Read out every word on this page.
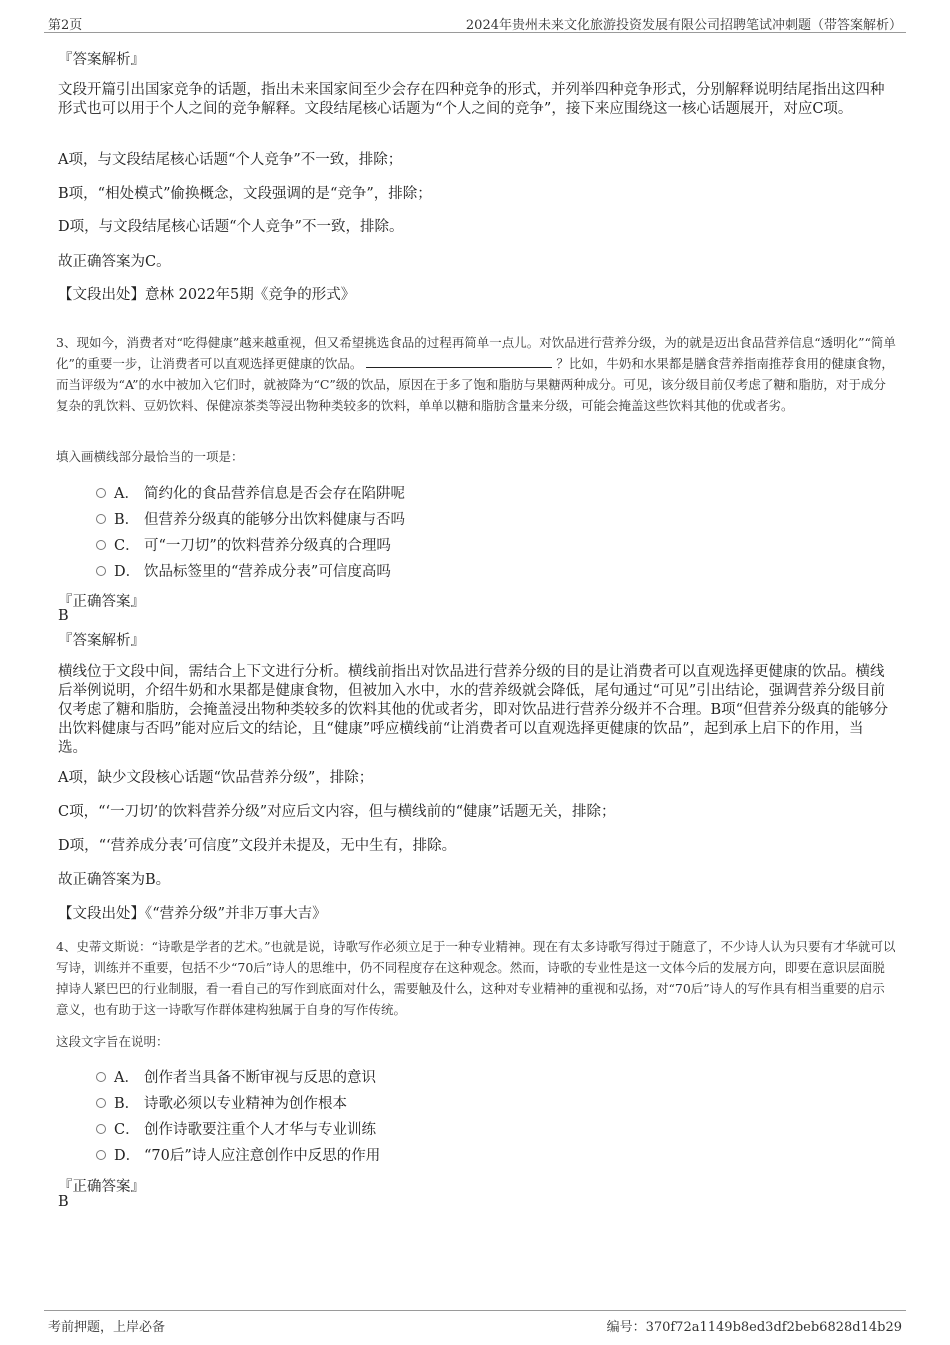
第2页	2024年贵州未来文化旅游投资发展有限公司招聘笔试冲刺题（带答案解析）
『答案解析』
文段开篇引出国家竞争的话题，指出未来国家间至少会存在四种竞争的形式，并列举四种竞争形式，分别解释说明结尾指出这四种形式也可以用于个人之间的竞争解释。文段结尾核心话题为“个人之间的竞争”，接下来应围绕这一核心话题展开，对应C项。
A项，与文段结尾核心话题“个人竞争”不一致，排除；
B项，“相处模式”偷换概念，文段强调的是“竞争”，排除；
D项，与文段结尾核心话题“个人竞争”不一致，排除。
故正确答案为C。
【文段出处】意林 2022年5期《竞争的形式》
3、现如今，消费者对“吃得健康”越来越重视，但又希望挑选食品的过程再简单一点儿。对饮品进行营养分级，为的就是迈出食品营养信息“透明化”“简单化”的重要一步，让消费者可以直观选择更健康的饮品。	？比如，牛奶和水果都是膳食营养指南推荐食用的健康食物，而当评级为“A”的水中被加入它们时，就被降为“C”级的饮品，原因在于多了饱和脂肪与果糖两种成分。可见，该分级目前仅考虑了糖和脂肪，对于成分复杂的乳饮料、豆奶饮料、保健凉茶类等浸出物种类较多的饮料，单单以糖和脂肪含量来分级，可能会掩盖这些饮料其他的优或者劣。
填入画横线部分最恰当的一项是：
A． 简约化的食品营养信息是否会存在陷阱呢
B． 但营养分级真的能够分出饮料健康与否吗
C． 可“一刀切”的饮料营养分级真的合理吗
D． 饮品标签里的“营养成分表”可信度高吗
『正确答案』
B
『答案解析』
横线位于文段中间，需结合上下文进行分析。横线前指出对饮品进行营养分级的目的是让消费者可以直观选择更健康的饮品。横线后举例说明，介绍牛奶和水果都是健康食物，但被加入水中，水的营养级就会降低，尾句通过“可见”引出结论，强调营养分级目前仅考虑了糖和脂肪，会掩盖浸出物种类较多的饮料其他的优或者劣，即对饮品进行营养分级并不合理。B项“但营养分级真的能够分出饮料健康与否吗”能对应后文的结论，且“健康”呼应横线前“让消费者可以直观选择更健康的饮品”，起到承上启下的作用，当选。
A项，缺少文段核心话题“饮品营养分级”，排除；
C项，“‘一刀切’的饮料营养分级”对应后文内容，但与横线前的“健康”话题无关，排除；
D项，“‘营养成分表’可信度”文段并未提及，无中生有，排除。
故正确答案为B。
【文段出处】《“营养分级”并非万事大吉》
4、史蒂文斯说：“诗歌是学者的艺术。”也就是说，诗歌写作必须立足于一种专业精神。现在有太多诗歌写得过于随意了，不少诗人认为只要有才华就可以写诗，训练并不重要，包括不少“70后”诗人的思维中，仍不同程度存在这种观念。然而，诗歌的专业性是这一文体今后的发展方向，即要在意识层面脱掉诗人紧巴巴的行业制服，看一看自己的写作到底面对什么，需要触及什么，这种对专业精神的重视和弘扬，对“70后”诗人的写作具有相当重要的启示意义，也有助于这一诗歌写作群体建构独属于自身的写作传统。
这段文字旨在说明：
A． 创作者当具备不断审视与反思的意识
B． 诗歌必须以专业精神为创作根本
C． 创作诗歌要注重个人才华与专业训练
D． “70后”诗人应注意创作中反思的作用
『正确答案』
B
考前押题，上岸必备	编号：370f72a1149b8ed3df2beb6828d14b29
